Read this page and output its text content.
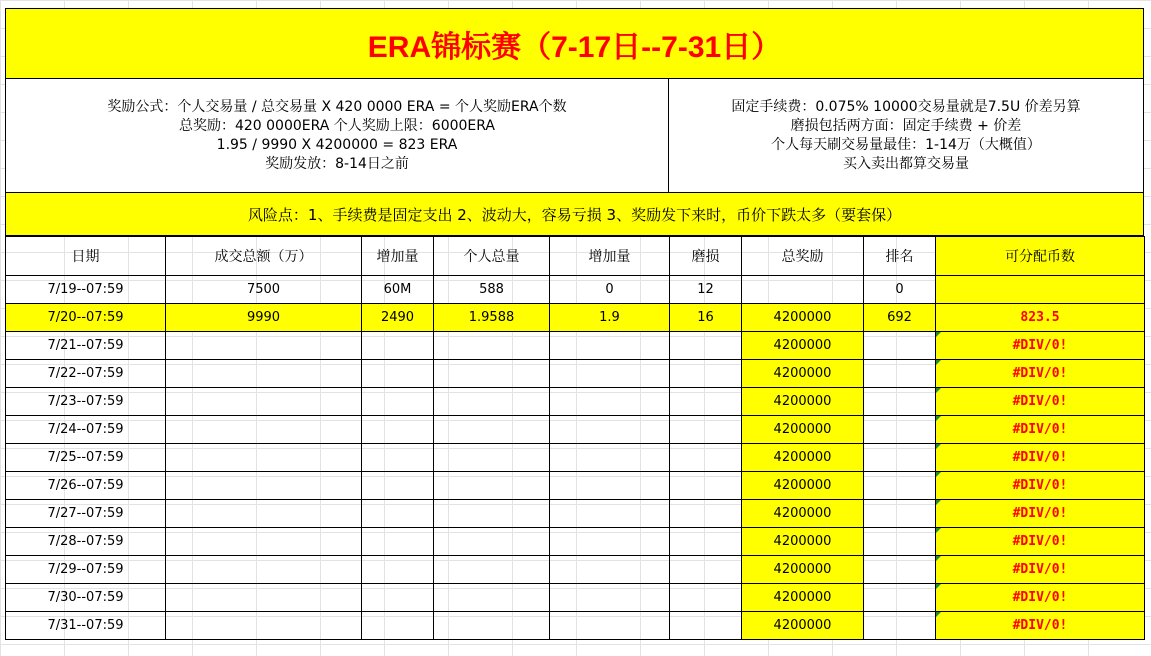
ERA锦标赛（7-17日--7-31日）
奖励公式：个人交易量 / 总交易量 X 420 0000 ERA = 个人奖励ERA个数
总奖励：420 0000ERA 个人奖励上限：6000ERA
1.95 / 9990 X 4200000 = 823 ERA
奖励发放：8-14日之前
固定手续费：0.075% 10000交易量就是7.5U 价差另算
磨损包括两方面：固定手续费 + 价差
个人每天刷交易量最佳：1-14万（大概值）
买入卖出都算交易量
风险点：1、手续费是固定支出 2、波动大，容易亏损 3、奖励发下来时，币价下跌太多（要套保）
日期	成交总额（万）	增加量	个人总量	增加量	磨损	总奖励	排名	可分配币数
7/19--07:59	7500	60M	588	0	12		0	
7/20--07:59	9990	2490	1.9588	1.9	16	4200000	692	823.5
7/21--07:59						4200000		#DIV/0!

7/22--07:59						4200000		#DIV/0!

7/23--07:59						4200000		#DIV/0!

7/24--07:59						4200000		#DIV/0!

7/25--07:59						4200000		#DIV/0!

7/26--07:59						4200000		#DIV/0!

7/27--07:59						4200000		#DIV/0!

7/28--07:59						4200000		#DIV/0!

7/29--07:59						4200000		#DIV/0!

7/30--07:59						4200000		#DIV/0!

7/31--07:59						4200000		#DIV/0!
